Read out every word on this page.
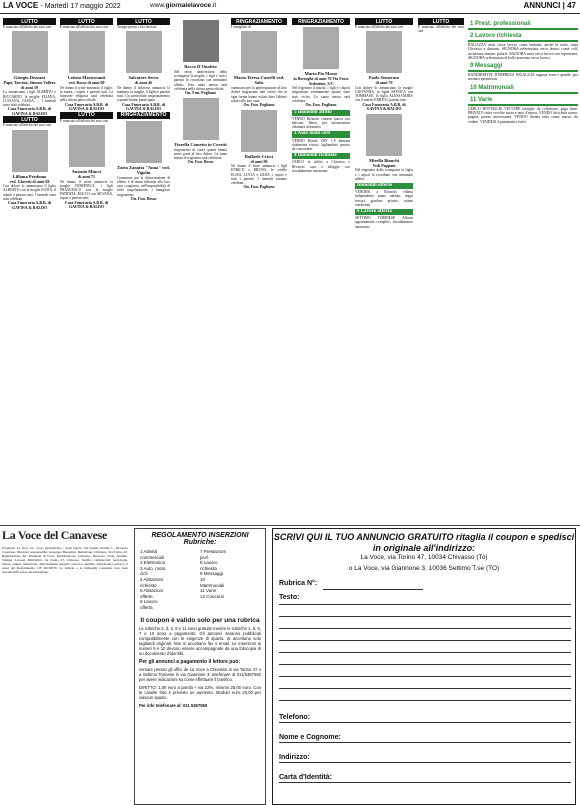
LA VOCE - Martedì 17 maggio 2022	www.giornalelavoce.it	ANNUNCI | 47
LUTTO
È mancato all'affetto dei suoi cari
Giorgio Dezzani
Papà, Tarcisio, Simone Vallero di anni 59
Lo annunciano i figli ALBERTO e RICCARDO, la moglie ELIANA, LUCIANA, GIADA, ... I funerali sono stati celebrati.
Casa Funeraria A.B.B. di GAVINA & BALDO
LUTTO
È mancato all'affetto dei suoi cari
Lilliana Perdomo
ved. Glavetti di anni 69
Con dolore lo annunciano il figlio ALBERTO con la moglie KATIA, il nipote e parenti tutti. I funerali sono stati celebrati.
Casa Funeraria A.B.B. di GAVINA & BALDO
LUTTO
È mancata all'affetto dei suoi cari
Letizia Mastrosanti
ved. Rosso di anni 90
Ne danno il triste annuncio il figlio, la nuora, i nipoti e parenti tutti. La funzione religiosa sarà celebrata nella chiesa parrocchiale.
Casa Funeraria A.B.B. di GAVINA & BALDO
LUTTO
È mancato all'affetto dei suoi cari
Antonio Miucci
di anni 71
Ne danno il triste annuncio la moglie DOMENICA, i figli FRANCESCO con la moglie PATRIZIA, ROCCO con SILVANA, nipoti e parenti tutti.
Casa Funeraria A.B.B. di GAVINA & BALDO
LUTTO
Troppo presto ci ha lasciato
Salvatore Serra
di anni 46
Ne danno il doloroso annuncio la mamma, la moglie, il figlio e parenti tutti. Un particolare ringraziamento a quanti hanno partecipato.
Casa Funeraria A.B.B. di GAVINA & BALDO
RINGRAZIAMENTO
Zaira Zanatta "Anna" ved. Vigolin
Commossi per la dimostrazione di affetto e di stima tributata alla loro cara congiunta, nell'impossibilità di farlo singolarmente, i famigliari ringraziano.
On. Fun. Besso
Rocco D'Onofrio
Nel sesto anniversario della scomparsa la moglie, i figli e tutti i parenti lo ricordano con immutato affetto. Una santa messa sarà celebrata nella chiesa parrocchiale.
On. Fun. Pogliano
Fiorella Cometto in Coretti
ringraziano di cuore quanti hanno preso parte al loro dolore. La santa messa di trigesima sarà celebrata.
On. Fun. Besso
RINGRAZIAMENTO
I famigliari di
Maria Teresa Castelli ved. Salis
commossi per la partecipazione al loro dolore ringraziano tutti coloro che in ogni forma hanno voluto dare l'ultimo saluto alla loro cara.
On. Fun. Pogliano
Raffaele Crisci
di anni 90
Ne danno il triste annuncio i figli ENRICO e BRUNO, le sorelle ELISA, LUCIA e LIDIA, i nipoti e tutti i parenti. I funerali saranno celebrati.
On. Fun. Pogliano
RINGRAZIAMENTO
Maria Pia Mosso
in Bertoglio di anni 76 Via Fosse Ardeatine, S/C
Nel trigesimo il marito, i figli e i nipoti ringraziano sentitamente quanti sono stati vicini. La santa messa sarà celebrata.
On. Fun. Pogliano
5 Immobili affitto
VENDO Rivarolo camera nuova con balcone, libero, per informazioni chiamare al numero.
3 Auto moto cicli
VENDO Honda CRV 1.8 benzina totalmente rivisto, tagliandato, prezzo da concordare.
4 Immobili richieste
CERCO in affitto a Chivasso o Rivarolo casa o alloggio con riscaldamento autonomo.
LUTTO
È mancato all'affetto dei suoi cari
Paolo Semeraro
di anni 76
Con dolore lo annunciano la moglie GIOVANNA, la figlia MONICA con TOMMASO, la figlia ALESSANDRA con il marito ENRICO, parenti tutti.
Casa Funeraria A.B.B. di GAVINA & BALDO
Mirella Bianchi
Vedi Pappani
Nel trigesimo della scomparsa la figlia e i nipoti la ricordano con immutato affetto.
Immobili offerte
VENDESI a Rivarolo villetta indipendente, piano rialzato, doppi servizi, giardino privato, ottime condizioni.
6 Lavoro offerta
SETTIMO TORINESE Affitasi appartamento completo, riscaldamento autonomo.
LUTTO
È mancato all'affetto dei suoi cari
1 Prest. professionali
2 Lavoro richiesta
RAGAZZA seria cerca lavoro come badante, anche la notte, zona Chivasso e dintorni. SIGNORA referenziata cerca lavoro come colf, assistenza anziani, pulizie. SIGNORA seria cerca lavoro con esperienza. SIGNORA referenziata di bella presenza cerca lavoro.
9 Messaggi
BANDIERITTE D'IMPRESA INGAGGIA ragazza seria e gentile, per incontri spensierati.
10 Matrimoniali
11 Varie
CERCO BOTTIGLIE VECCHIE bottiglie da collezione, pago bene. PRIVATO ritira vecchie moto e auto d'epoca. VENDO bicicletta uomo, pagata, prezzo interessante. VENDO divano letto come nuovo, da vedere. VENDESI 4 pneumatici estivi.
La Voce del Canavese
Proprietà: La Voce soc. coop. giornalistica - Sede legale: Via Sandro Pertini 3 - Rivarolo Canavese. Direttore responsabile: Giuseppe Bisognini. Redazione: Chivasso, Via Torino 47. Registrazione del Tribunale di Ivrea. Distribuzione: Chivasso, Rivarolo, Cirié, Settimo. Stampa: Litosud. Pubblicità: via Torino 47, Chivasso. Tariffe: commerciali, necrologie, lauree, auguri, matrimoni. Abbonamenti annuali: cartaceo, digitale. Informativa privacy ai sensi del Regolamento UE 2016/679. Le notizie e le immagini contenute non sono riproducibili senza autorizzazione.
REGOLAMENTO INSERZIONI
Rubriche:
1 Attività commerciali
2 Elettronica
3 Auto, moto, cicli
4 Abitazioni richieste
5 Abitazioni offerte
6 Lavoro offerta
7 Prestazioni prof.
8 Lavoro richiesta
9 Messaggi
10 Matrimoniali
11 Varie
12 Concorsi
Il coupon è valido solo per una rubrica
Le rubriche 2, 3, 4, 8 e 11 sono gratuite mentre le rubriche 1, 5, 6, 7 e 10 sono a pagamento. Gli annunci saranno pubblicati compatibilmente con le esigenze di spazio. Si accettano solo tagliandi originali. Non si accettano fax o email. Le inserzioni ai numeri 9 e 10 devono essere accompagnate da una fotocopia di un documento d'identità.
Per gli annunci a pagamento il lettore può:
versare presso gli uffici de La Voce a Chivasso in via Torino 47 o a Settimo Torinese in via Giannone 3; telefonare al 011/5367550 per avere indicazioni su come effettuare il bonifico.
DIRITTO: 1,00 euro a parola + iva 22%, minimo 25,00 euro. Con le caselle foto è previsto un aumento. Modulo euro 20,00 per ciascun spazio.
Per info telefonare al: 011 5367550
SCRIVI QUI IL TUO ANNUNCIO GRATUITO ritaglia il coupon e spedisci in originale all'indirizzo:
La Voce, via Torino 47, 10034 Chivasso (To)
o La Voce, via Giannone 3, 10036 Settimo T.se (TO)
Rubrica N°:
Testo:
Telefono:
Nome e Cognome:
Indirizzo:
Carta d'Identità:
